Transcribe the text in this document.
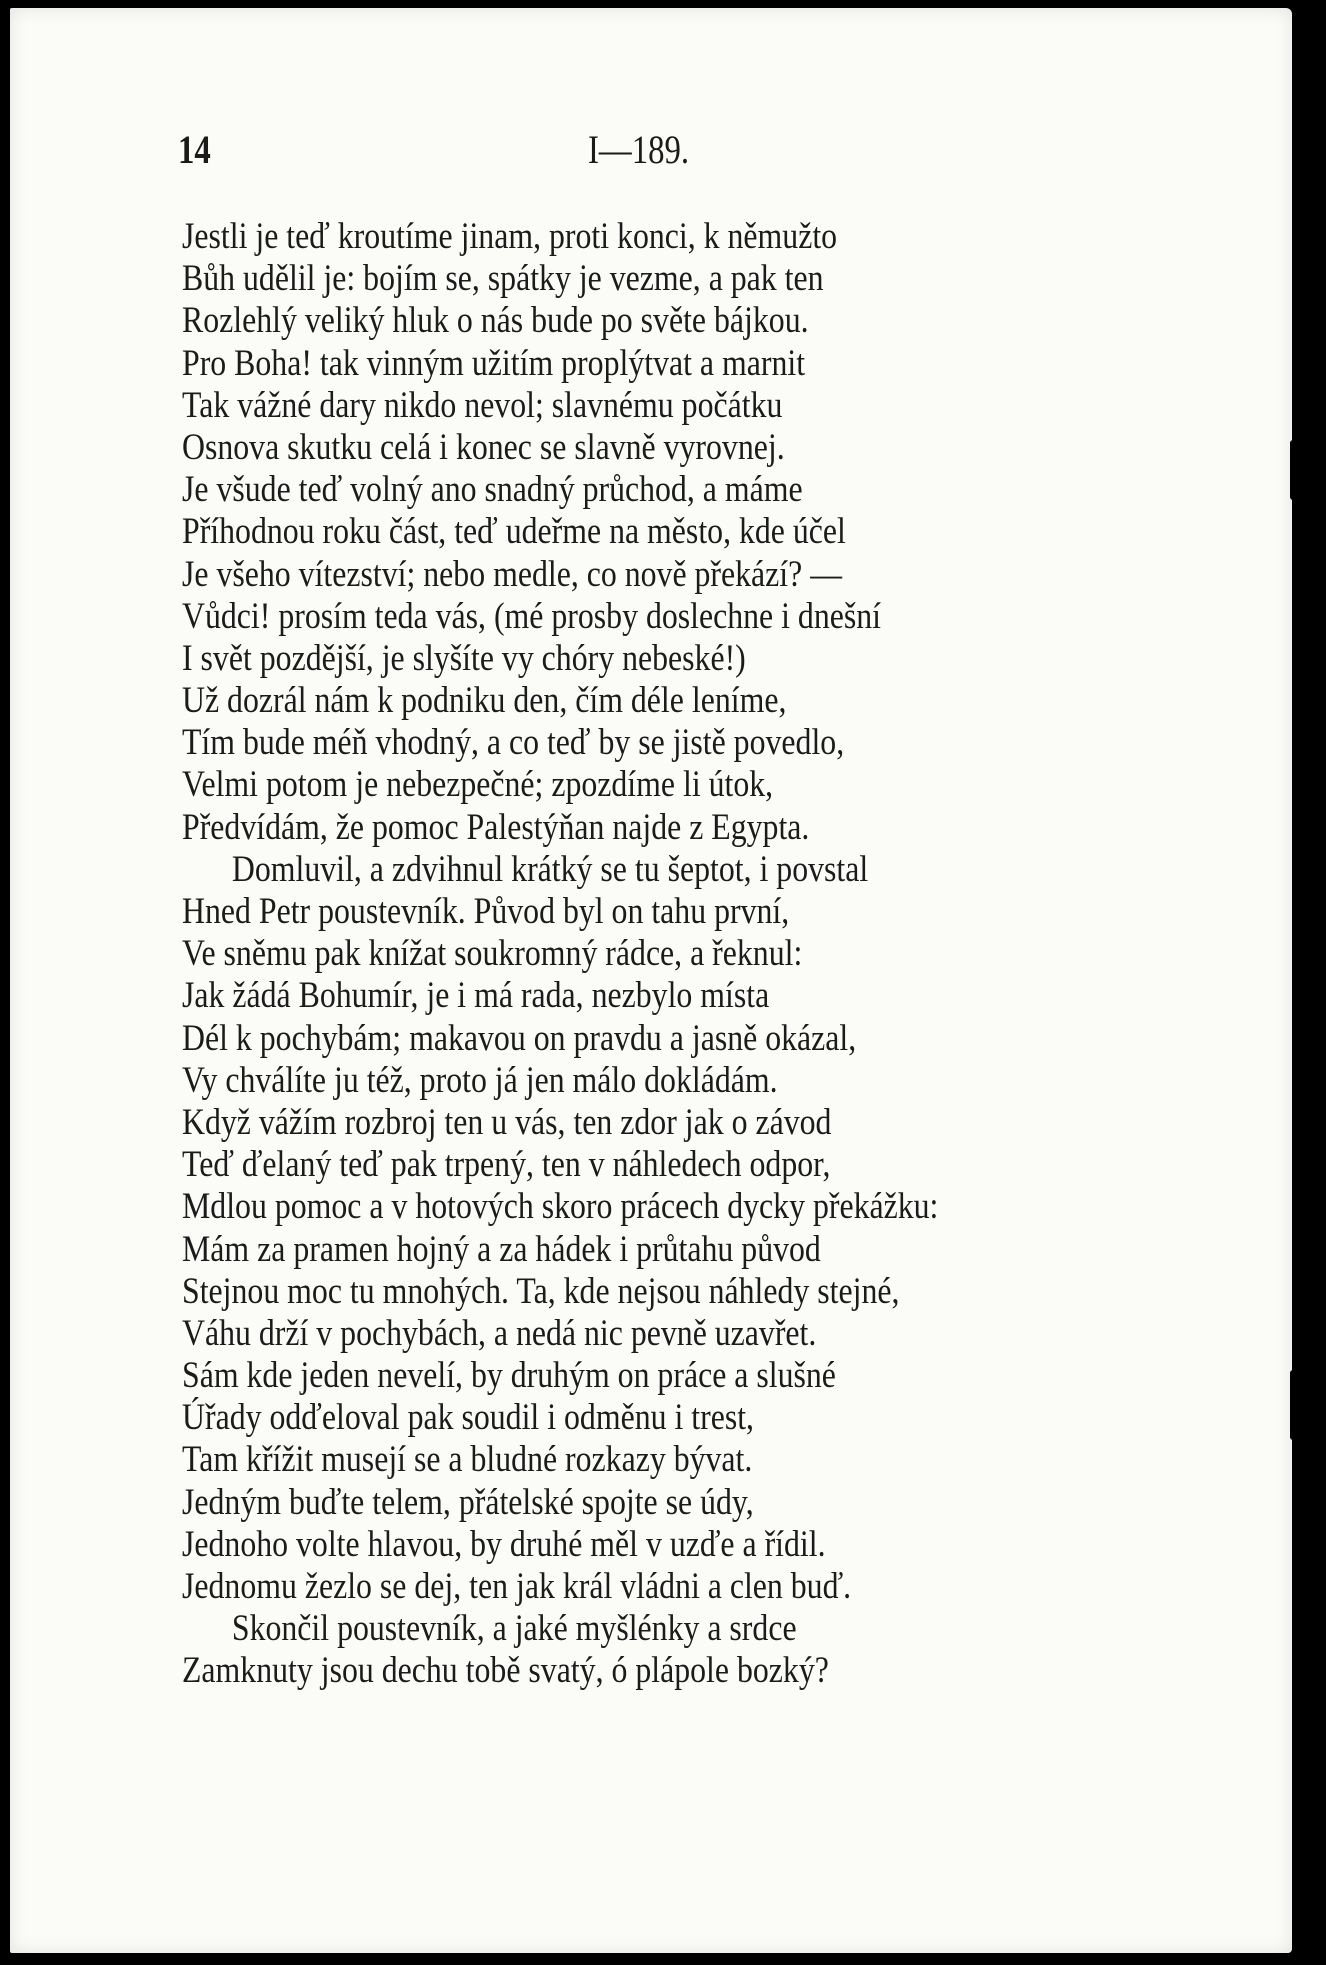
14	I—189.
Jestli je teď kroutíme jinam, proti konci, k němužto
Bůh udělil je: bojím se, spátky je vezme, a pak ten
Rozlehlý veliký hluk o nás bude po světe bájkou.
Pro Boha! tak vinným užitím proplýtvat a marnit
Tak vážné dary nikdo nevol; slavnému počátku
Osnova skutku celá i konec se slavně vyrovnej.
Je všude teď volný ano snadný průchod, a máme
Příhodnou roku část, teď udeřme na město, kde účel
Je všeho vítezství; nebo medle, co nově překází? —
Vůdci! prosím teda vás, (mé prosby doslechne i dnešní
I svět pozdější, je slyšíte vy chóry nebeské!)
Už dozrál nám k podniku den, čím déle leníme,
Tím bude méň vhodný, a co teď by se jistě povedlo,
Velmi potom je nebezpečné; zpozdíme li útok,
Předvídám, že pomoc Palestýňan najde z Egypta.
Domluvil, a zdvihnul krátký se tu šeptot, i povstal
Hned Petr poustevník. Původ byl on tahu první,
Ve sněmu pak knížat soukromný rádce, a řeknul:
Jak žádá Bohumír, je i má rada, nezbylo místa
Dél k pochybám; makavou on pravdu a jasně okázal,
Vy chválíte ju též, proto já jen málo dokládám.
Když vážím rozbroj ten u vás, ten zdor jak o závod
Teď ďelaný teď pak trpený, ten v náhledech odpor,
Mdlou pomoc a v hotových skoro prácech dycky překážku:
Mám za pramen hojný a za hádek i průtahu původ
Stejnou moc tu mnohých. Ta, kde nejsou náhledy stejné,
Váhu drží v pochybách, a nedá nic pevně uzavřet.
Sám kde jeden nevelí, by druhým on práce a slušné
Úřady odďeloval pak soudil i odměnu i trest,
Tam křížit musejí se a bludné rozkazy bývat.
Jedným buďte telem, přátelské spojte se údy,
Jednoho volte hlavou, by druhé měl v uzďe a řídil.
Jednomu žezlo se dej, ten jak král vládni a clen buď.
Skončil poustevník, a jaké myšlénky a srdce
Zamknuty jsou dechu tobě svatý, ó plápole bozký?
